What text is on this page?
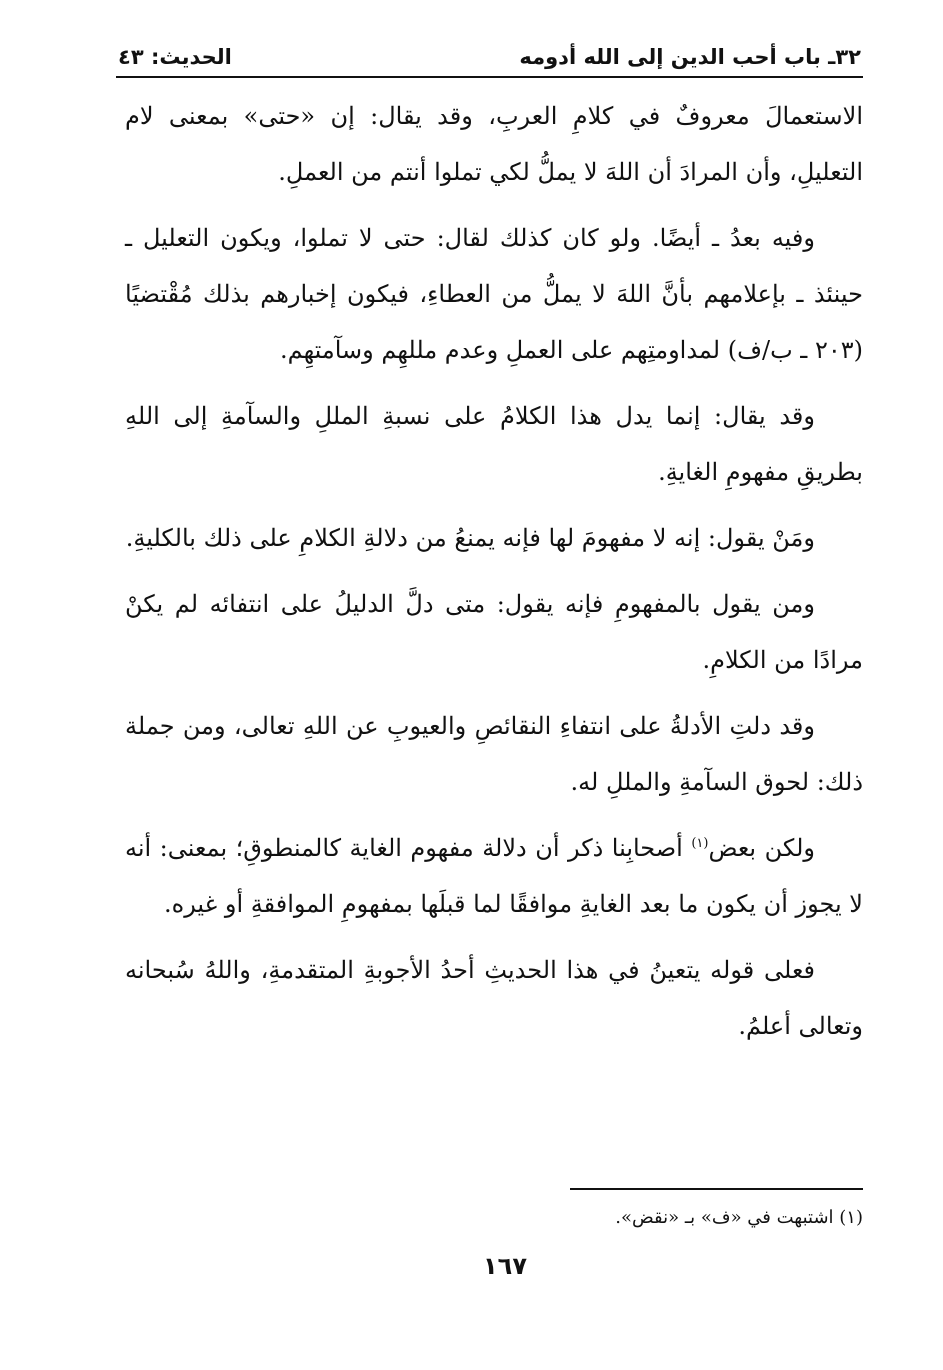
٣٢ـ باب أحب الدين إلى الله أدومه
الحديث: ٤٣

الاستعمالَ معروفٌ في كلامِ العربِ، وقد يقال: إن «حتى» بمعنى لام التعليلِ، وأن المرادَ أن اللهَ لا يملُّ لكي تملوا أنتم من العملِ.

وفيه بعدُ ـ أيضًا. ولو كان كذلك لقال: حتى لا تملوا، ويكون التعليل ـ حينئذ ـ بإعلامهم بأنَّ اللهَ لا يملُّ من العطاءِ، فيكون إخبارهم بذلك مُقْتضيًا (٢٠٣ ـ ب/ف) لمداومتِهم على العملِ وعدم مللهِم وسآمتهِم.

وقد يقال: إنما يدل هذا الكلامُ على نسبةِ المللِ والسآمةِ إلى اللهِ بطريقِ مفهومِ الغايةِ.

ومَنْ يقول: إنه لا مفهومَ لها فإنه يمنعُ من دلالةِ الكلامِ على ذلك بالكليةِ.

ومن يقول بالمفهومِ فإنه يقول: متى دلَّ الدليلُ على انتفائه لم يكنْ مرادًا من الكلامِ.

وقد دلتِ الأدلةُ على انتفاءِ النقائصِ والعيوبِ عن اللهِ تعالى، ومن جملة ذلك: لحوق السآمةِ والمللِ له.

ولكن بعض$^{(١)}$ أصحابِنا ذكر أن دلالة مفهوم الغاية كالمنطوقِ؛ بمعنى: أنه لا يجوز أن يكون ما بعد الغايةِ موافقًا لما قبلَها بمفهومِ الموافقةِ أو غيره.

فعلى قوله يتعينُ في هذا الحديثِ أحدُ الأجوبةِ المتقدمةِ، واللهُ سُبحانه وتعالى أعلمُ.

(١) اشتبهت في «ف» بـ «نقض».
١٦٧
